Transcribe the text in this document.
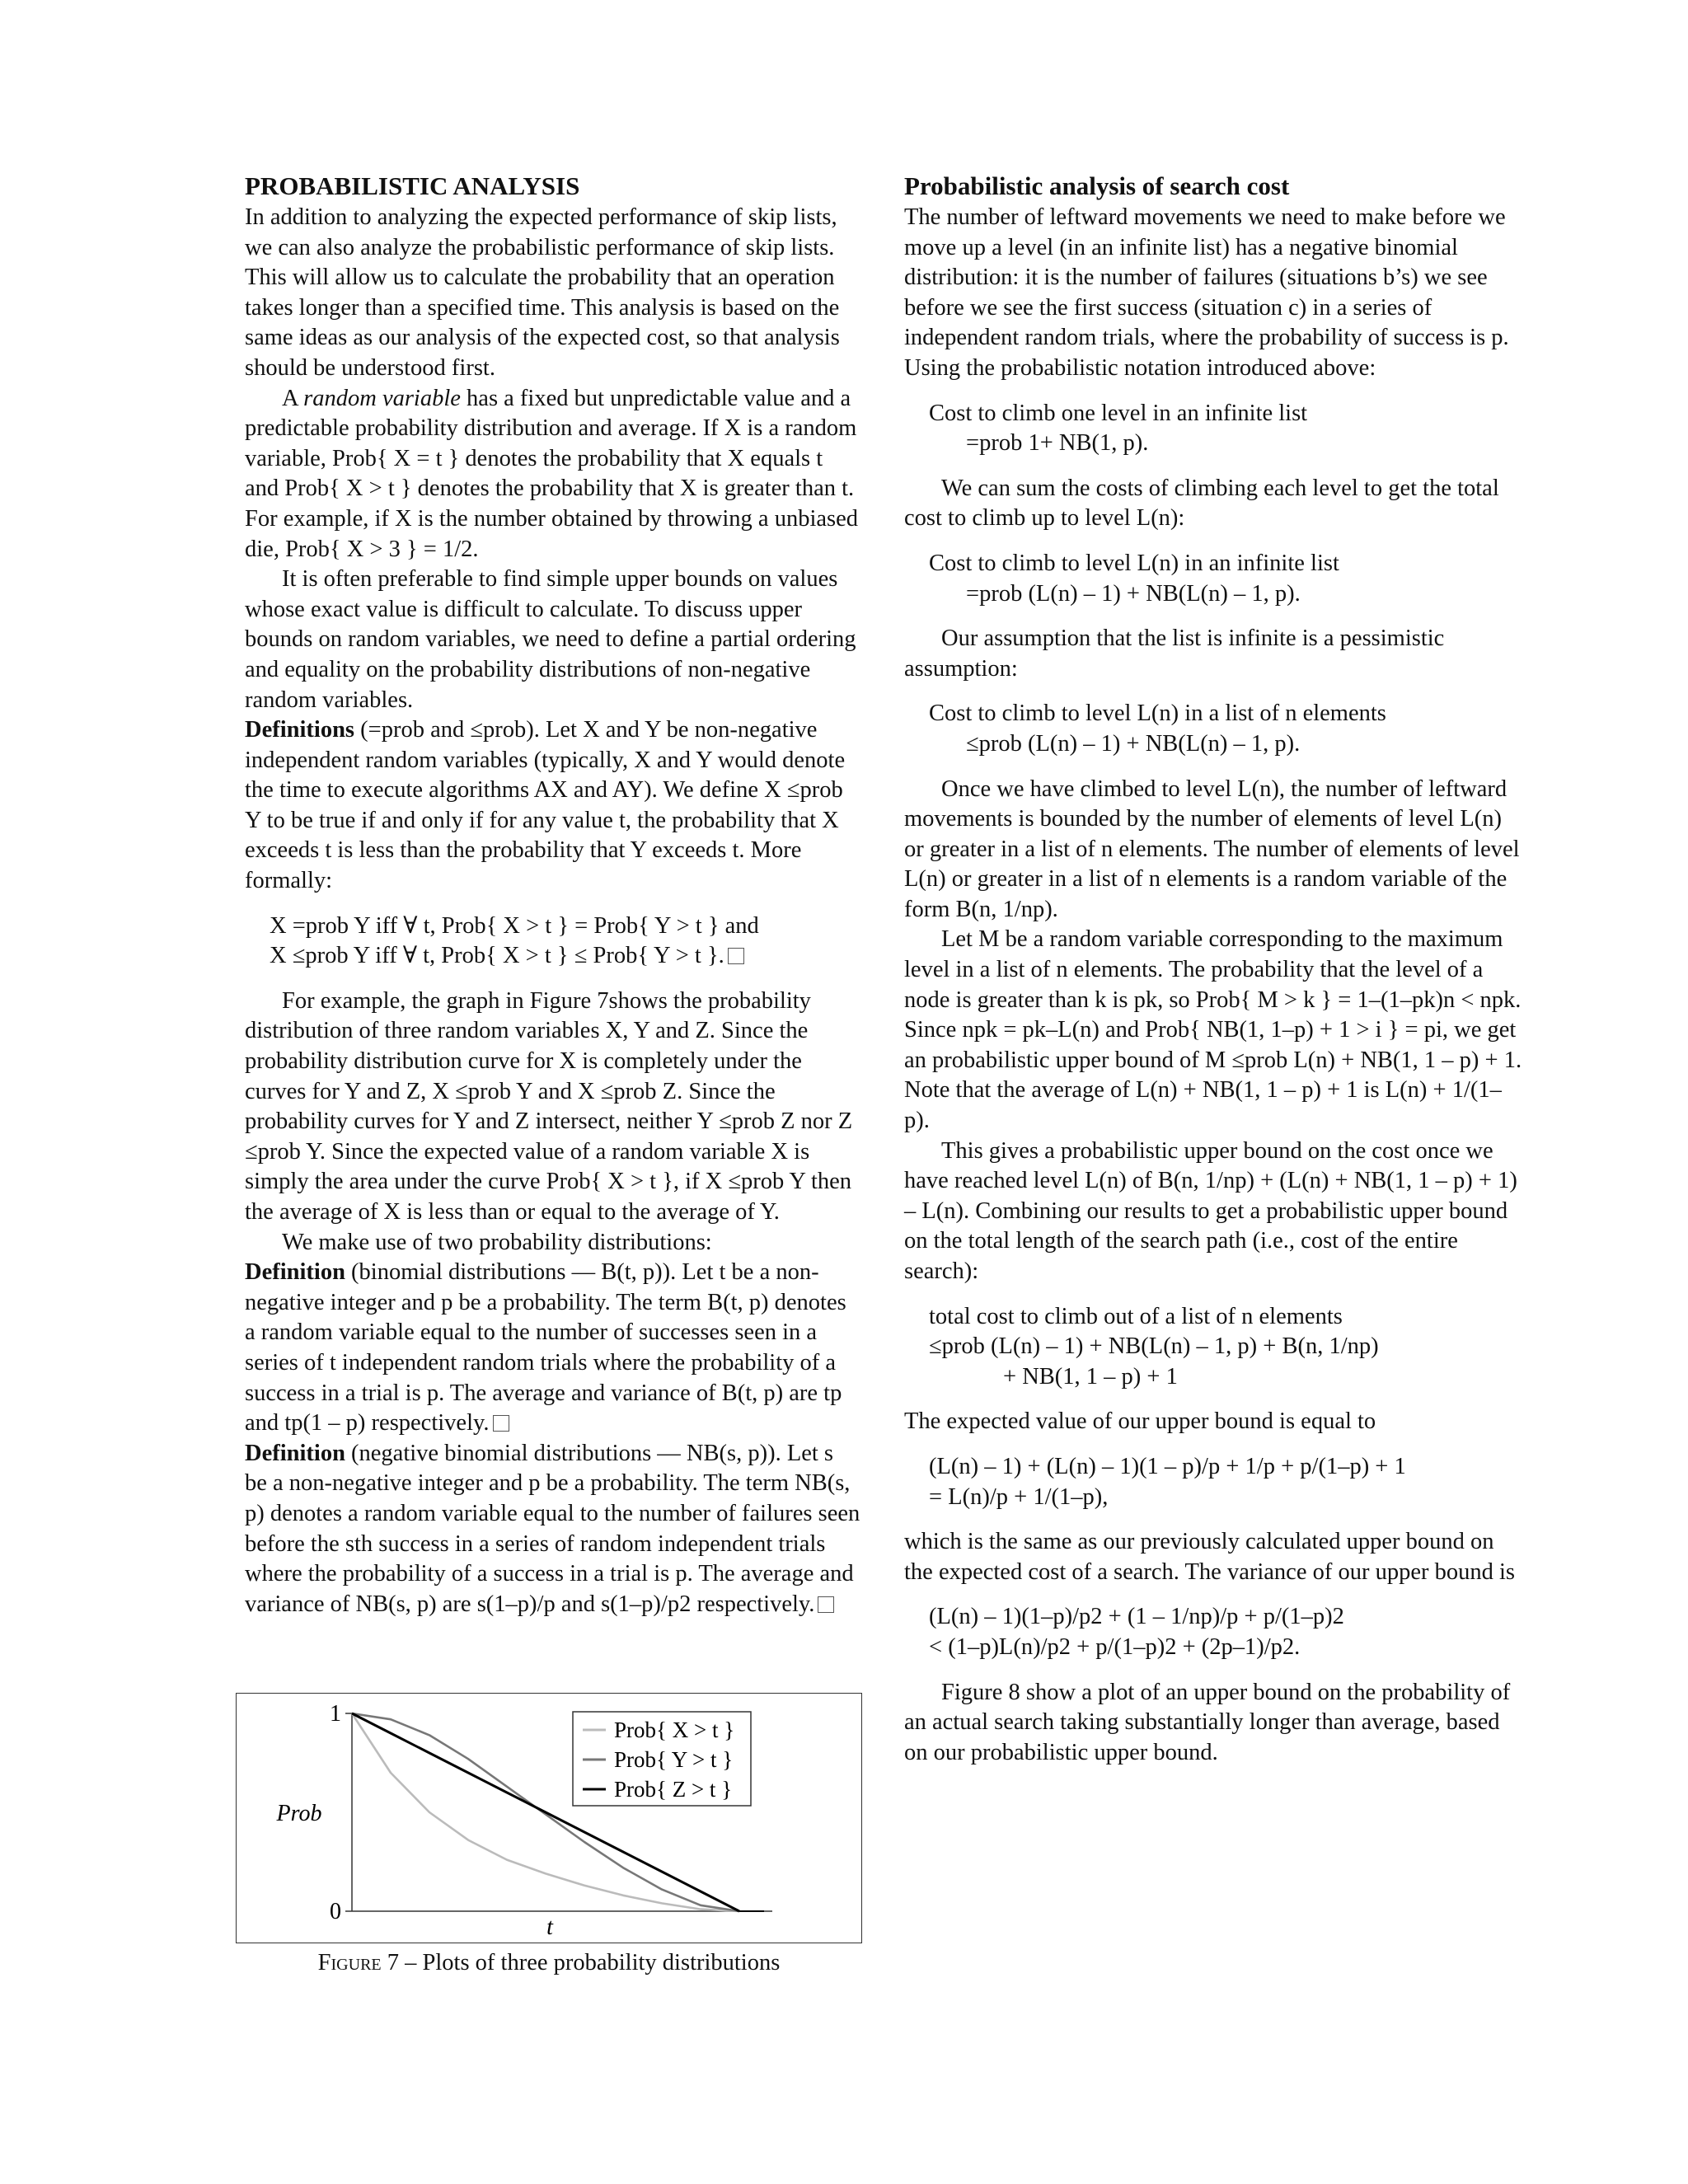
PROBABILISTIC ANALYSIS

In addition to analyzing the expected performance of skip lists, we can also analyze the probabilistic performance of skip lists. This will allow us to calculate the probability that an operation takes longer than a specified time. This analysis is based on the same ideas as our analysis of the expected cost, so that analysis should be understood first.

A random variable has a fixed but unpredictable value and a predictable probability distribution and average. If X is a random variable, Prob{ X = t } denotes the probability that X equals t and Prob{ X > t } denotes the probability that X is greater than t. For example, if X is the number obtained by throwing a unbiased die, Prob{ X > 3 } = 1/2.

It is often preferable to find simple upper bounds on values whose exact value is difficult to calculate. To discuss upper bounds on random variables, we need to define a partial ordering and equality on the probability distributions of non-negative random variables.

Definitions (=prob and ≤prob). Let X and Y be non-negative independent random variables (typically, X and Y would denote the time to execute algorithms AX and AY). We define X ≤prob Y to be true if and only if for any value t, the probability that X exceeds t is less than the probability that Y exceeds t. More formally:

X =prob Y iff ∀ t, Prob{ X > t } = Prob{ Y > t } and
X ≤prob Y iff ∀ t, Prob{ X > t } ≤ Prob{ Y > t }.

For example, the graph in Figure 7shows the probability distribution of three random variables X, Y and Z. Since the probability distribution curve for X is completely under the curves for Y and Z, X ≤prob Y and X ≤prob Z. Since the probability curves for Y and Z intersect, neither Y ≤prob Z nor Z ≤prob Y. Since the expected value of a random variable X is simply the area under the curve Prob{ X > t }, if X ≤prob Y then the average of X is less than or equal to the average of Y.

We make use of two probability distributions:

Definition (binomial distributions — B(t, p)). Let t be a non-negative integer and p be a probability. The term B(t, p) denotes a random variable equal to the number of successes seen in a series of t independent random trials where the probability of a success in a trial is p. The average and variance of B(t, p) are tp and tp(1 – p) respectively.

Definition (negative binomial distributions — NB(s, p)). Let s be a non-negative integer and p be a probability. The term NB(s, p) denotes a random variable equal to the number of failures seen before the sth success in a series of random independent trials where the probability of a success in a trial is p. The average and variance of NB(s, p) are s(1–p)/p and s(1–p)/p2 respectively.

1
0
Prob
t
Prob{ X > t }
Prob{ Y > t }
Prob{ Z > t }
Figure 7 – Plots of three probability distributions
Probabilistic analysis of search cost

The number of leftward movements we need to make before we move up a level (in an infinite list) has a negative binomial distribution: it is the number of failures (situations b’s) we see before we see the first success (situation c) in a series of independent random trials, where the probability of success is p. Using the probabilistic notation introduced above:

Cost to climb one level in an infinite list
=prob 1+ NB(1, p).

We can sum the costs of climbing each level to get the total cost to climb up to level L(n):

Cost to climb to level L(n) in an infinite list
=prob (L(n) – 1) + NB(L(n) – 1, p).

Our assumption that the list is infinite is a pessimistic assumption:

Cost to climb to level L(n) in a list of n elements
≤prob (L(n) – 1) + NB(L(n) – 1, p).

Once we have climbed to level L(n), the number of leftward movements is bounded by the number of elements of level L(n) or greater in a list of n elements. The number of elements of level L(n) or greater in a list of n elements is a random variable of the form B(n, 1/np).

Let M be a random variable corresponding to the maximum level in a list of n elements. The probability that the level of a node is greater than k is pk, so Prob{ M > k } = 1–(1–pk)n < npk. Since npk = pk–L(n) and Prob{ NB(1, 1–p) + 1 > i } = pi, we get an probabilistic upper bound of M ≤prob L(n) + NB(1, 1 – p) + 1. Note that the average of L(n) + NB(1, 1 – p) + 1 is L(n) + 1/(1–p).

This gives a probabilistic upper bound on the cost once we have reached level L(n) of B(n, 1/np) + (L(n) + NB(1, 1 – p) + 1) – L(n). Combining our results to get a probabilistic upper bound on the total length of the search path (i.e., cost of the entire search):

total cost to climb out of a list of n elements
≤prob (L(n) – 1) + NB(L(n) – 1, p) + B(n, 1/np)
+ NB(1, 1 – p) + 1

The expected value of our upper bound is equal to

(L(n) – 1) + (L(n) – 1)(1 – p)/p + 1/p + p/(1–p) + 1
= L(n)/p + 1/(1–p),

which is the same as our previously calculated upper bound on the expected cost of a search. The variance of our upper bound is

(L(n) – 1)(1–p)/p2 + (1 – 1/np)/p + p/(1–p)2
< (1–p)L(n)/p2 + p/(1–p)2 + (2p–1)/p2.

Figure 8 show a plot of an upper bound on the probability of an actual search taking substantially longer than average, based on our probabilistic upper bound.
